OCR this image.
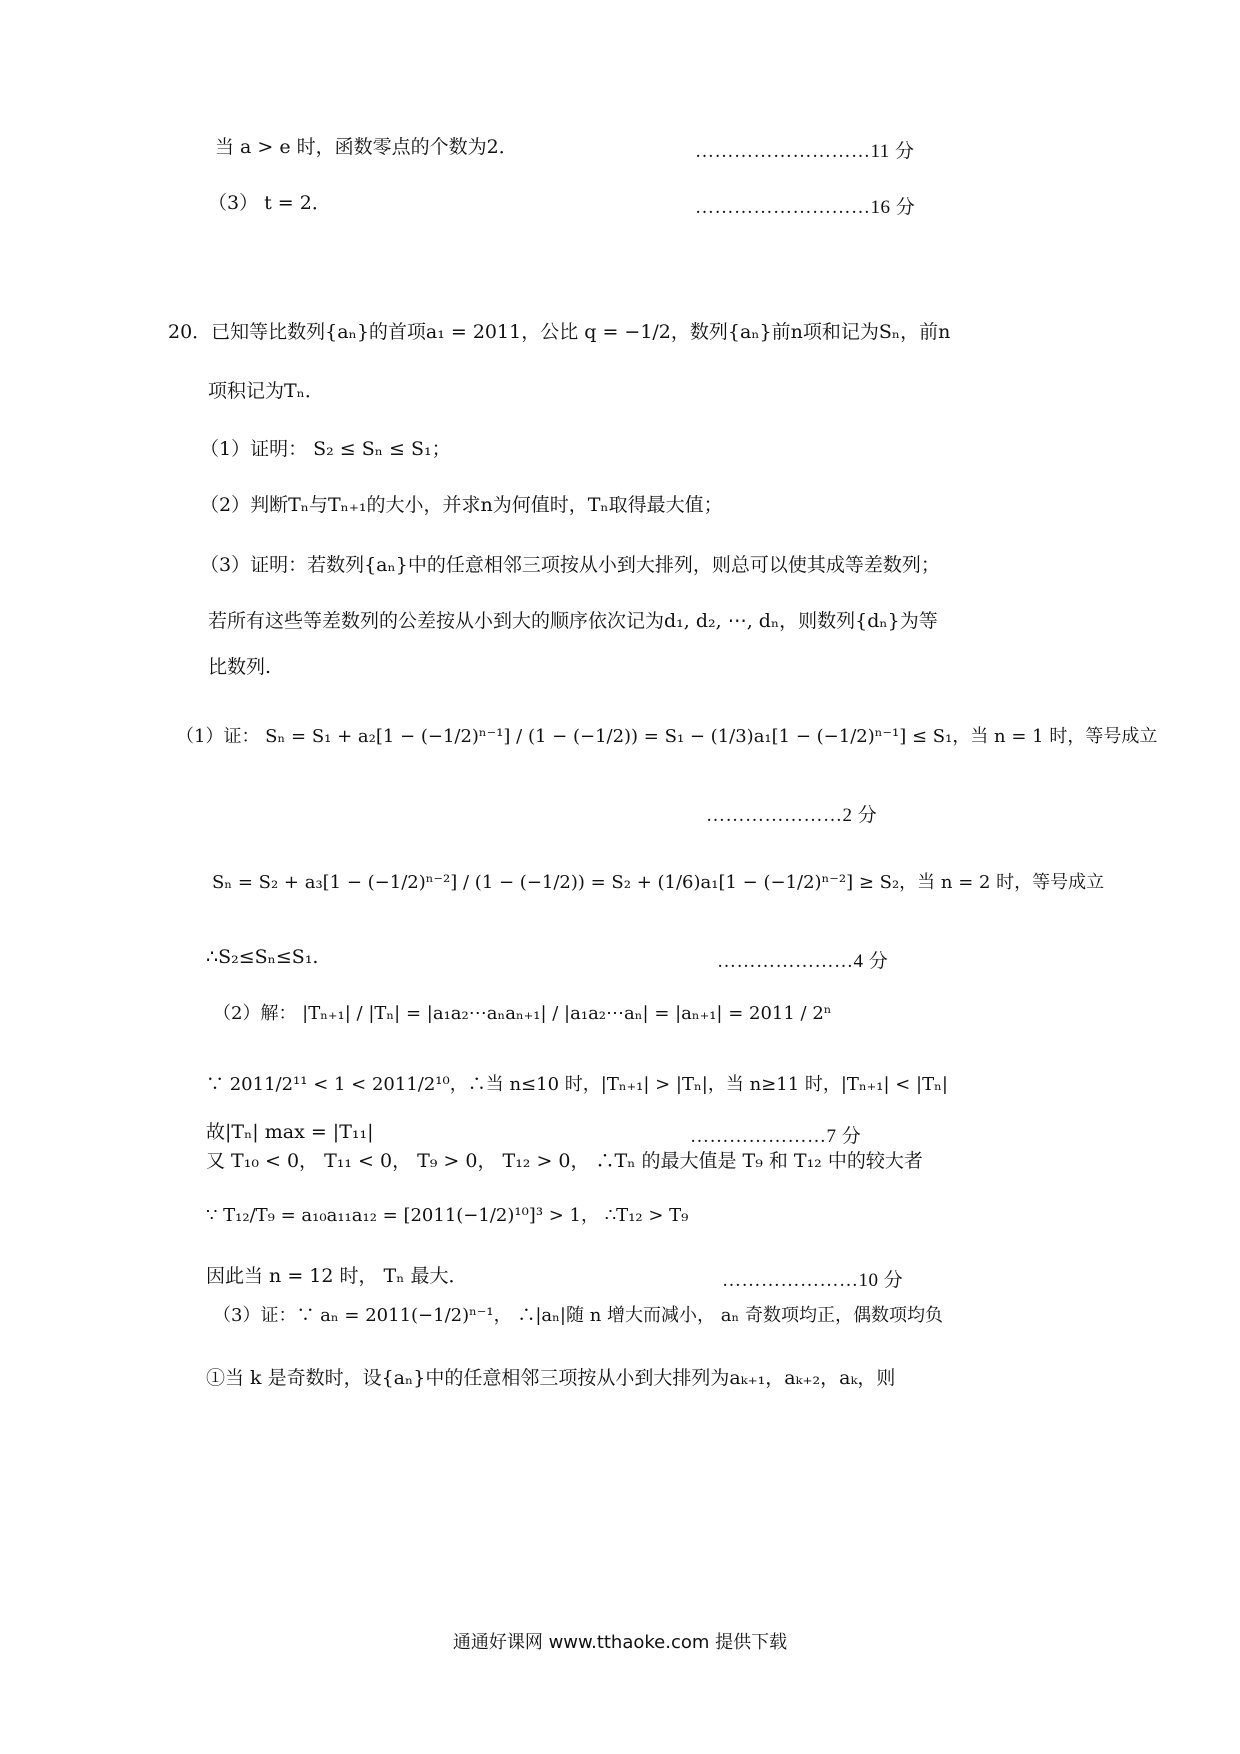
当 a > e 时，函数零点的个数为2．	………………………11 分
（3） t = 2．	………………………16 分
20．已知等比数列{aₙ}的首项a₁ = 2011，公比 q = −1/2，数列{aₙ}前n项和记为Sₙ，前n
项积记为Tₙ．
（1）证明： S₂ ≤ Sₙ ≤ S₁；
（2）判断Tₙ与Tₙ₊₁的大小，并求n为何值时，Tₙ取得最大值；
（3）证明：若数列{aₙ}中的任意相邻三项按从小到大排列，则总可以使其成等差数列；
若所有这些等差数列的公差按从小到大的顺序依次记为d₁, d₂, ⋯, dₙ，则数列{dₙ}为等
比数列.
（1）证： Sₙ = S₁ + a₂[1 − (−1/2)ⁿ⁻¹] / (1 − (−1/2)) = S₁ − (1/3)a₁[1 − (−1/2)ⁿ⁻¹] ≤ S₁，当 n = 1 时，等号成立
…………………2 分
Sₙ = S₂ + a₃[1 − (−1/2)ⁿ⁻²] / (1 − (−1/2)) = S₂ + (1/6)a₁[1 − (−1/2)ⁿ⁻²] ≥ S₂，当 n = 2 时，等号成立
∴S₂≤Sₙ≤S₁.	…………………4 分
（2）解： |Tₙ₊₁| / |Tₙ| = |a₁a₂⋯aₙaₙ₊₁| / |a₁a₂⋯aₙ| = |aₙ₊₁| = 2011 / 2ⁿ
∵ 2011/2¹¹ < 1 < 2011/2¹⁰，∴当 n≤10 时，|Tₙ₊₁| > |Tₙ|，当 n≥11 时，|Tₙ₊₁| < |Tₙ|
故|Tₙ| max = |T₁₁|	…………………7 分
又 T₁₀ < 0， T₁₁ < 0， T₉ > 0， T₁₂ > 0， ∴Tₙ 的最大值是 T₉ 和 T₁₂ 中的较大者
∵ T₁₂/T₉ = a₁₀a₁₁a₁₂ = [2011(−1/2)¹⁰]³ > 1， ∴T₁₂ > T₉
因此当 n = 12 时， Tₙ 最大．	…………………10 分
（3）证：∵ aₙ = 2011(−1/2)ⁿ⁻¹， ∴|aₙ|随 n 增大而减小， aₙ 奇数项均正，偶数项均负
①当 k 是奇数时，设{aₙ}中的任意相邻三项按从小到大排列为aₖ₊₁，aₖ₊₂，aₖ，则
通通好课网 www.tthaoke.com 提供下载
